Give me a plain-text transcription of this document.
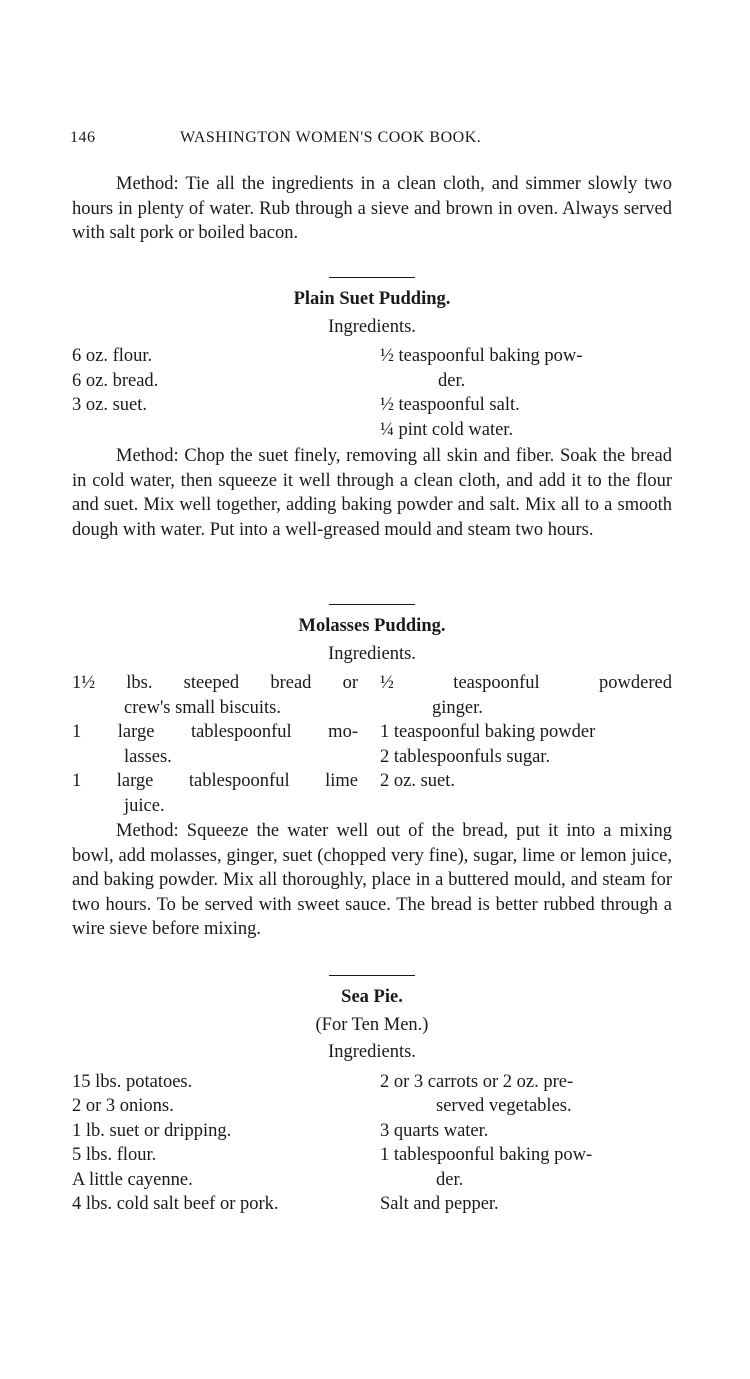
146	WASHINGTON WOMEN'S COOK BOOK.

Method: Tie all the ingredients in a clean cloth, and simmer slowly two hours in plenty of water. Rub through a sieve and brown in oven. Always served with salt pork or boiled bacon.

Plain Suet Pudding.

Ingredients.

6 oz. flour.

6 oz. bread.

3 oz. suet.

½ teaspoonful baking pow-

der.

½ teaspoonful salt.

¼ pint cold water.

Method: Chop the suet finely, removing all skin and fiber. Soak the bread in cold water, then squeeze it well through a clean cloth, and add it to the flour and suet. Mix well together, adding baking powder and salt. Mix all to a smooth dough with water. Put into a well-greased mould and steam two hours.

Molasses Pudding.

Ingredients.

1½ lbs. steeped bread or

crew's small biscuits.

1 large tablespoonful mo-

lasses.

1 large tablespoonful lime

juice.

½ teaspoonful powdered

ginger.

1 teaspoonful baking powder

2 tablespoonfuls sugar.

2 oz. suet.

Method: Squeeze the water well out of the bread, put it into a mixing bowl, add molasses, ginger, suet (chopped very fine), sugar, lime or lemon juice, and baking powder. Mix all thoroughly, place in a buttered mould, and steam for two hours. To be served with sweet sauce. The bread is better rubbed through a wire sieve before mixing.

Sea Pie.

(For Ten Men.)

Ingredients.

15 lbs. potatoes.

2 or 3 onions.

1 lb. suet or dripping.

5 lbs. flour.

A little cayenne.

4 lbs. cold salt beef or pork.

2 or 3 carrots or 2 oz. pre-

served vegetables.

3 quarts water.

1 tablespoonful baking pow-

der.

Salt and pepper.
